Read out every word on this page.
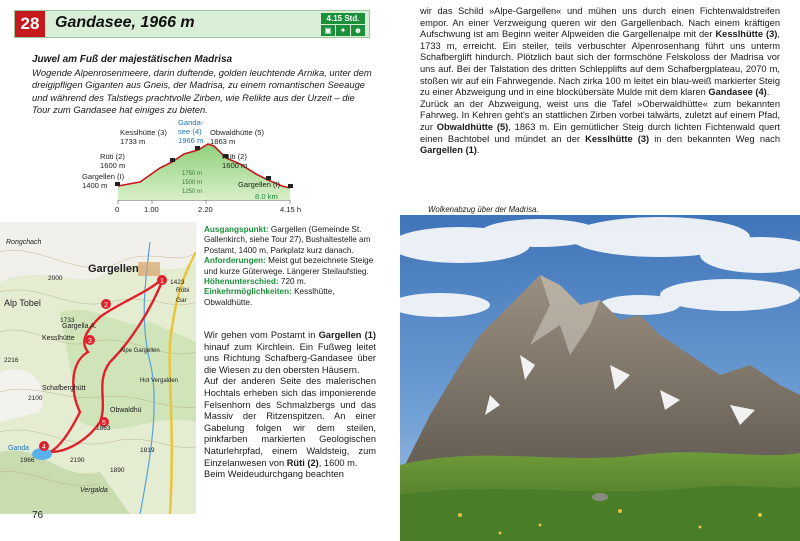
28 Gandasee, 1966 m	4.15 Std.
▣ ✦ ☻
Juwel am Fuß der majestätischen Madrisa
Wogende Alpenrosenmeere, darin duftende, golden leuchtende Arnika, unter dem dreigipfligen Giganten aus Gneis, der Madrisa, zu einem romantischen Seeauge und während des Talstiegs prachtvolle Zirben, wie Relikte aus der Urzeit – die Tour zum Gandasee hat einiges zu bieten.
Kesslhütte (3)
1733 m
Ganda-
see (4)
1966 m
Obwaldhütte (5)
1863 m
Rüti (2)
1600 m
Rüti (2)
1600 m
Gargellen (I)
1400 m	Gargellen (I)
1750 m
1500 m
1250 m	8.0 km
0	1.00	2.20	4.15 h
1
2
3
4
5
Gargellen
Alp Tobel
Gargella A.
Kesslhütte
Schafberghütt
Obwaldhü
Ganda
Rongchach
Hot Vergalden
Vergalda
Alpe Gargellen
2000
1733
2100
1863
1966	2190
2216
1819
1890
1423
Röbi
Gar
Ausgangspunkt: Gargellen (Gemeinde St. Gallenkirch, siehe Tour 27), Bushaltestelle am Postamt, 1400 m, Parkplatz kurz danach.
Anforderungen: Meist gut bezeichnete Steige und kurze Güterwege. Längerer Steilaufstieg.
Höhenunterschied: 720 m.
Einkehrmöglichkeiten: Kesslhütte, Obwaldhütte.

Wir gehen vom Postamt in Gargellen (1) hinauf zum Kirchlein. Ein Fußweg leitet uns Richtung Schafberg-Gandasee über die Wiesen zu den obersten Häusern.

Auf der anderen Seite des malerischen Hochtals erheben sich das imponierende Felsenhorn des Schmalzbergs und das Massiv der Ritzenspitzen. An einer Gabelung folgen wir dem steilen, pinkfarben markierten Geologischen Naturlehrpfad, einem Waldsteig, zum Einzelanwesen von Rüti (2), 1600 m.

Beim Weideudurchgang beachten

76

wir das Schild »Alpe-Gargellen« und mühen uns durch einen Fichtenwaldstreifen empor. An einer Verzweigung queren wir den Gargellenbach. Nach einem kräftigen Aufschwung ist am Beginn weiter Alpweiden die Gargellenalpe mit der Kesslhütte (3), 1733 m, erreicht. Ein steiler, teils verbuschter Alpenrosenhang führt uns unterm Schafberglift hindurch. Plötzlich baut sich der formschöne Felskoloss der Madrisa vor uns auf. Bei der Talstation des dritten Schlepplifts auf dem Schafbergplateau, 2070 m, stoßen wir auf ein Fahrwegende. Nach zirka 100 m leitet ein blau-weiß markierter Steig zu einer Abzweigung und in eine blockübersäte Mulde mit dem klaren Gandasee (4).

Zurück an der Abzweigung, weist uns die Tafel »Oberwaldhütte« zum bekannten Fahrweg. In Kehren geht's an stattlichen Zirben vorbei talwärts, zuletzt auf einem Pfad, zur Obwaldhütte (5), 1863 m. Ein gemütlicher Steig durch lichten Fichtenwald quert einen Bachtobel und mündet an der Kesslhütte (3) in den bekannten Weg nach Gargellen (1).

Wolkenabzug über der Madrisa.
